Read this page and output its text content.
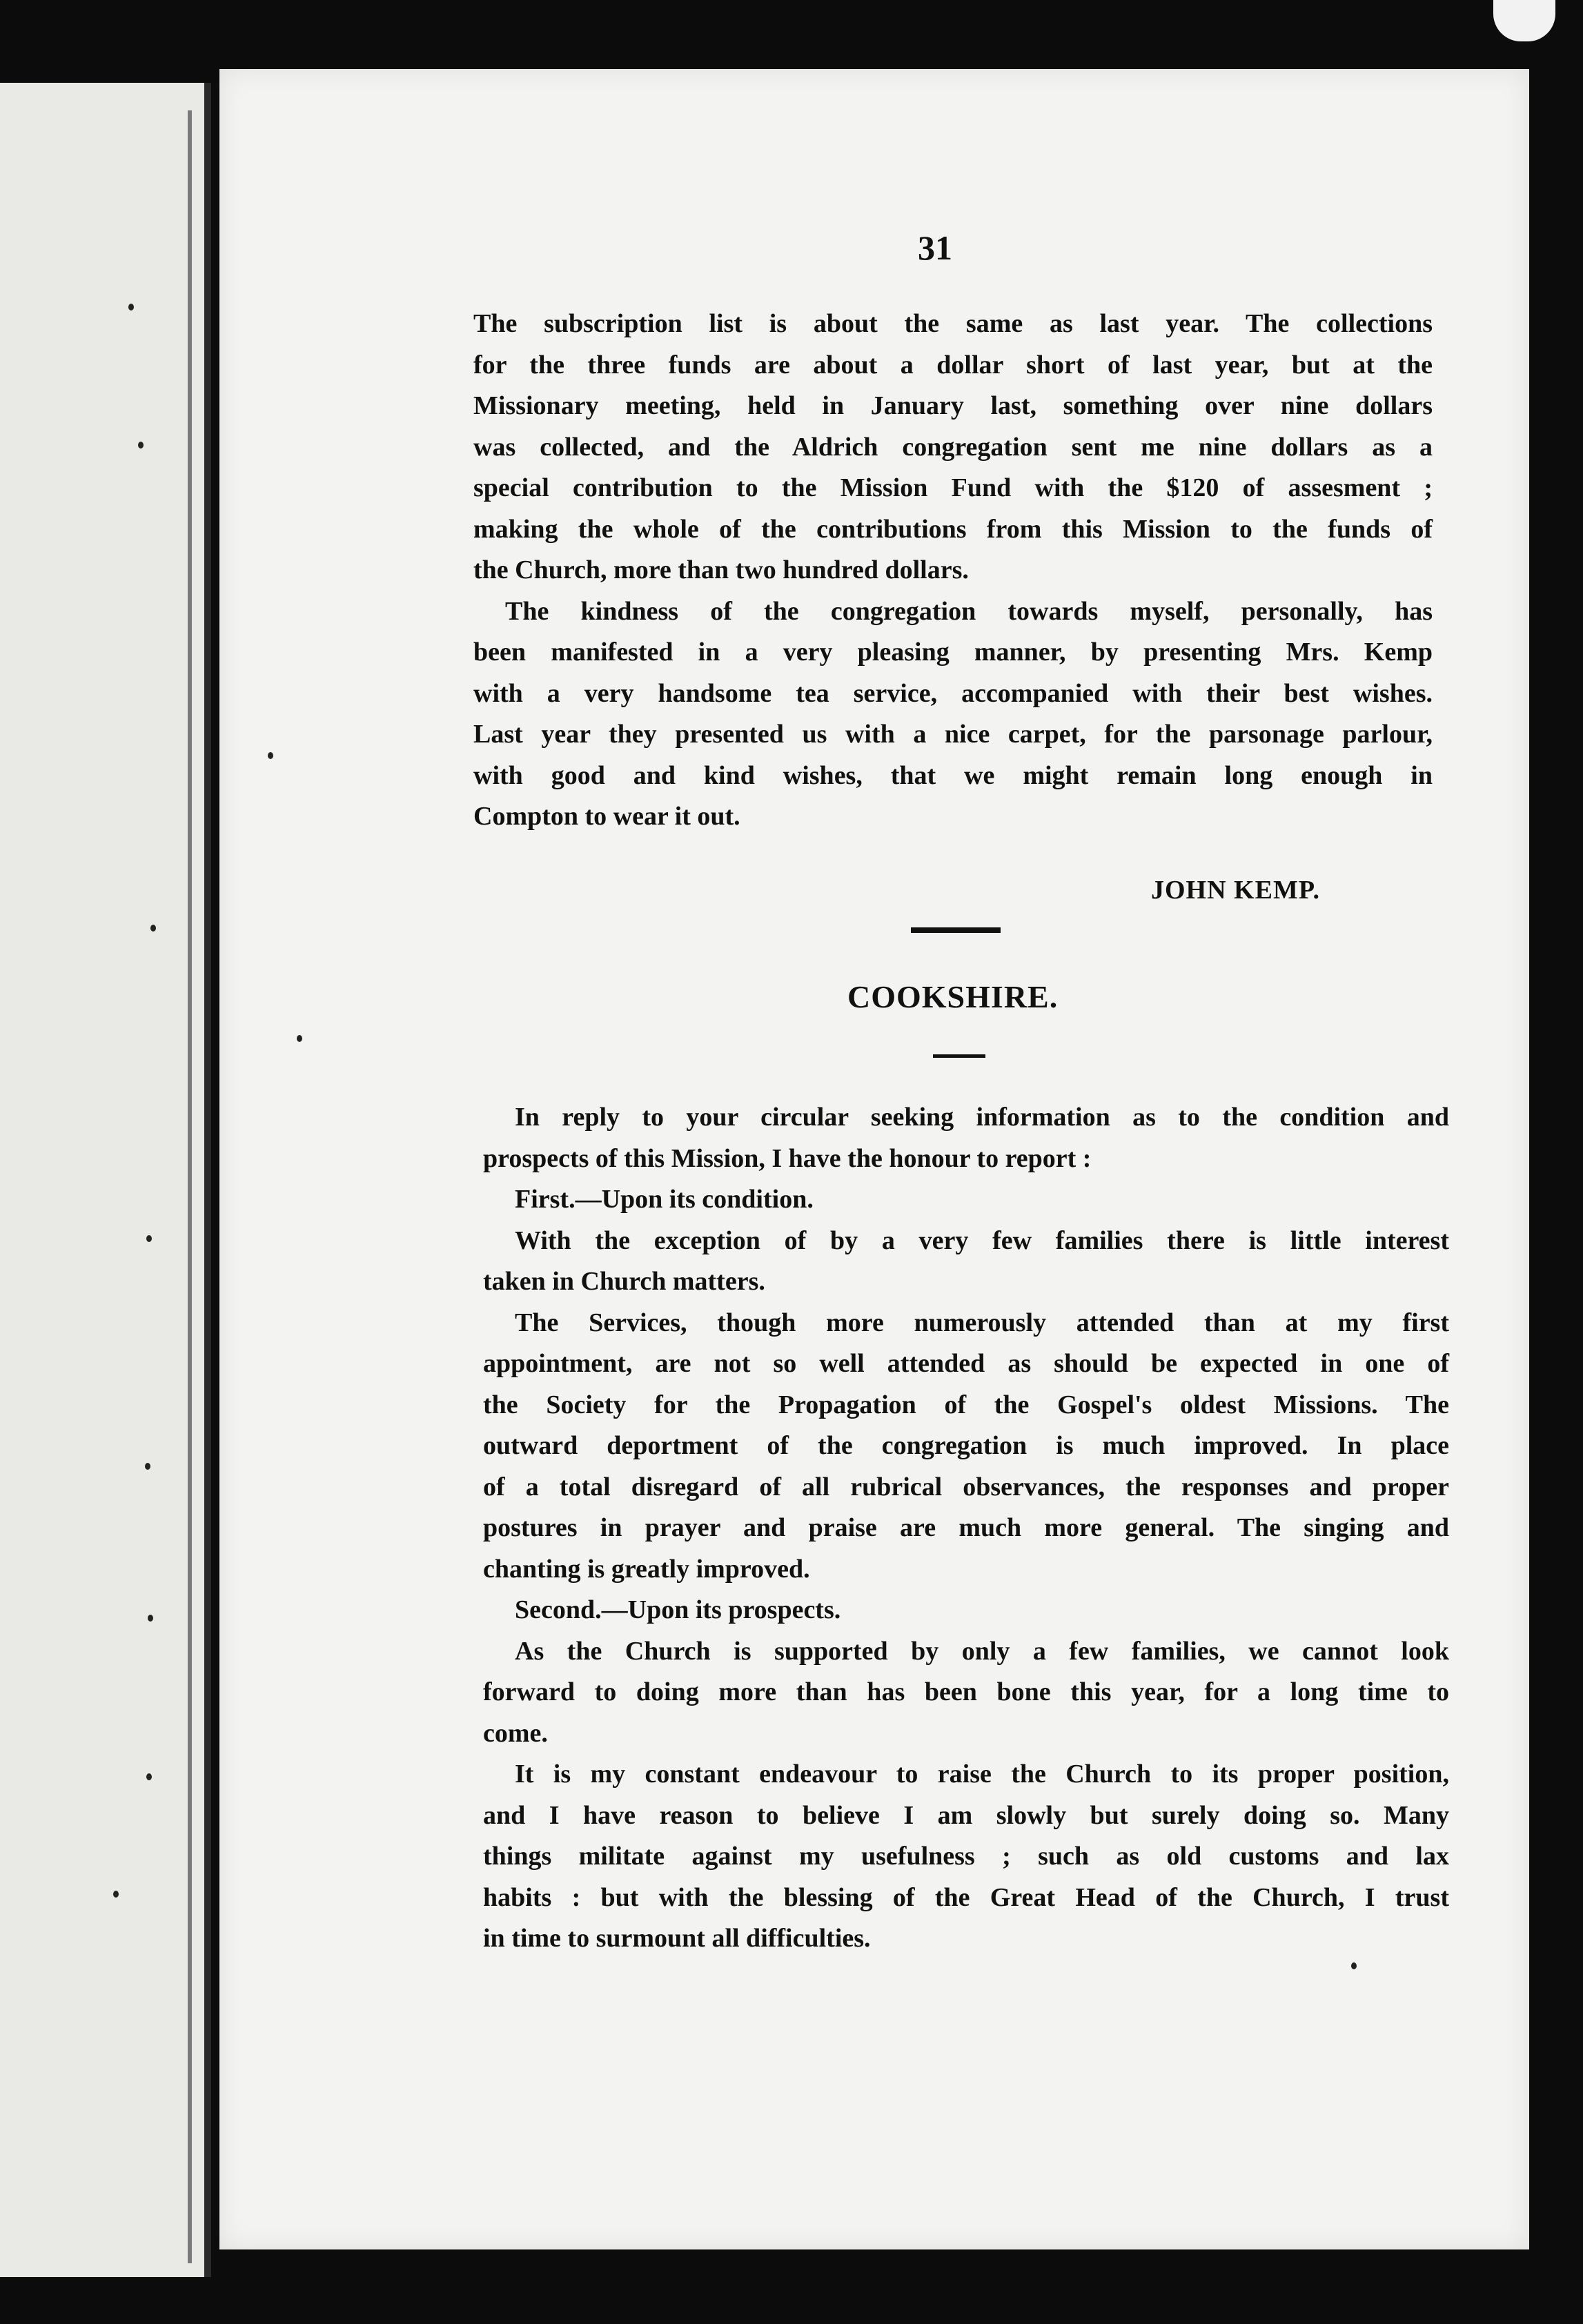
31
The subscription list is about the same as last year. The collections
for the three funds are about a dollar short of last year, but at the
Missionary meeting, held in January last, something over nine dollars
was collected, and the Aldrich congregation sent me nine dollars as a
special contribution to the Mission Fund with the $120 of assesment ;
making the whole of the contributions from this Mission to the funds of
the Church, more than two hundred dollars.
The kindness of the congregation towards myself, personally, has
been manifested in a very pleasing manner, by presenting Mrs. Kemp
with a very handsome tea service, accompanied with their best wishes.
Last year they presented us with a nice carpet, for the parsonage parlour,
with good and kind wishes, that we might remain long enough in
Compton to wear it out.
JOHN KEMP.
COOKSHIRE.
In reply to your circular seeking information as to the condition and
prospects of this Mission, I have the honour to report :
First.—Upon its condition.
With the exception of by a very few families there is little interest
taken in Church matters.
The Services, though more numerously attended than at my first
appointment, are not so well attended as should be expected in one of
the Society for the Propagation of the Gospel's oldest Missions. The
outward deportment of the congregation is much improved. In place
of a total disregard of all rubrical observances, the responses and proper
postures in prayer and praise are much more general. The singing and
chanting is greatly improved.
Second.—Upon its prospects.
As the Church is supported by only a few families, we cannot look
forward to doing more than has been bone this year, for a long time to
come.
It is my constant endeavour to raise the Church to its proper position,
and I have reason to believe I am slowly but surely doing so. Many
things militate against my usefulness ; such as old customs and lax
habits : but with the blessing of the Great Head of the Church, I trust
in time to surmount all difficulties.
